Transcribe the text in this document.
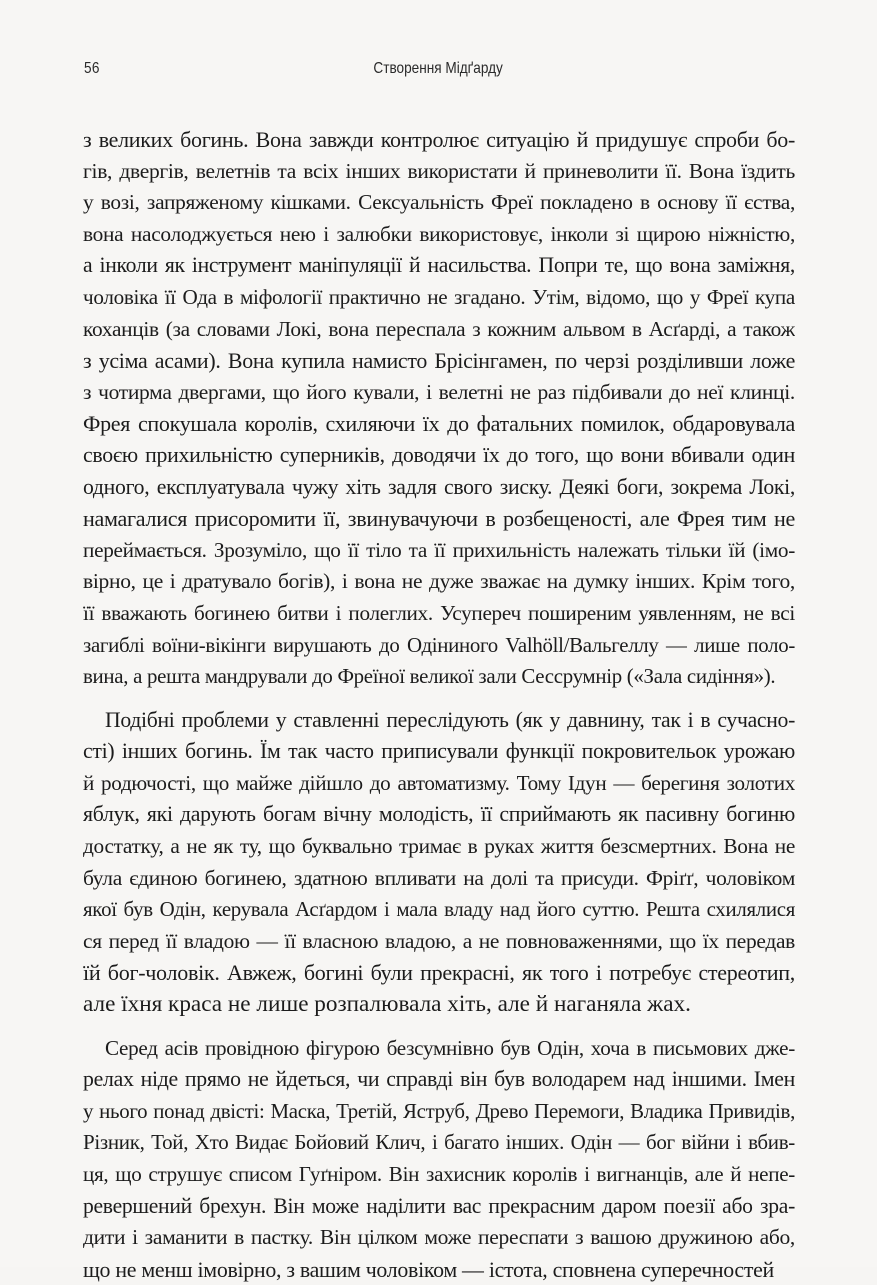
56	Створення Мідґарду
з великих богинь. Вона завжди контролює ситуацію й придушує спроби бо-
гів, двергів, велетнів та всіх інших використати й приневолити її. Вона їздить
у возі, запряженому кішками. Сексуальність Фреї покладено в основу її єства,
вона насолоджується нею і залюбки використовує, інколи зі щирою ніжністю,
а інколи як інструмент маніпуляції й насильства. Попри те, що вона заміжня,
чоловіка її Ода в міфології практично не згадано. Утім, відомо, що у Фреї купа
коханців (за словами Локі, вона переспала з кожним альвом в Асґарді, а також
з усіма асами). Вона купила намисто Брісінгамен, по черзі розділивши ложе
з чотирма двергами, що його кували, і велетні не раз підбивали до неї клинці.
Фрея спокушала королів, схиляючи їх до фатальних помилок, обдаровувала
своєю прихильністю суперників, доводячи їх до того, що вони вбивали один
одного, експлуатувала чужу хіть задля свого зиску. Деякі боги, зокрема Локі,
намагалися присоромити її, звинувачуючи в розбещеності, але Фрея тим не
переймається. Зрозуміло, що її тіло та її прихильність належать тільки їй (імо-
вірно, це і дратувало богів), і вона не дуже зважає на думку інших. Крім того,
її вважають богинею битви і полеглих. Усупереч поширеним уявленням, не всі
загиблі воїни-вікінги вирушають до Одіниного Valhöll/Вальгеллу — лише поло-
вина, а решта мандрували до Фреїної великої зали Сессрумнір («Зала сидіння»).
Подібні проблеми у ставленні переслідують (як у давнину, так і в сучасно-
сті) інших богинь. Їм так часто приписували функції покровительок урожаю
й родючості, що майже дійшло до автоматизму. Тому Ідун — берегиня золотих
яблук, які дарують богам вічну молодість, її сприймають як пасивну богиню
достатку, а не як ту, що буквально тримає в руках життя безсмертних. Вона не
була єдиною богинею, здатною впливати на долі та присуди. Фріґґ, чоловіком
якої був Одін, керувала Асґардом і мала владу над його суттю. Решта схилялися
ся перед її владою — її власною владою, а не повноваженнями, що їх передав
їй бог-чоловік. Авжеж, богині були прекрасні, як того і потребує стереотип,
але їхня краса не лише розпалювала хіть, але й наганяла жах.
Серед асів провідною фігурою безсумнівно був Одін, хоча в письмових дже-
релах ніде прямо не йдеться, чи справді він був володарем над іншими. Імен
у нього понад двісті: Маска, Третій, Яструб, Древо Перемоги, Владика Привидів,
Різник, Той, Хто Видає Бойовий Клич, і багато інших. Одін — бог війни і вбив-
ця, що струшує списом Гуґніром. Він захисник королів і вигнанців, але й непе-
ревершений брехун. Він може наділити вас прекрасним даром поезії або зра-
дити і заманити в пастку. Він цілком може переспати з вашою дружиною або,
що не менш імовірно, з вашим чоловіком — істота, сповнена суперечностей
